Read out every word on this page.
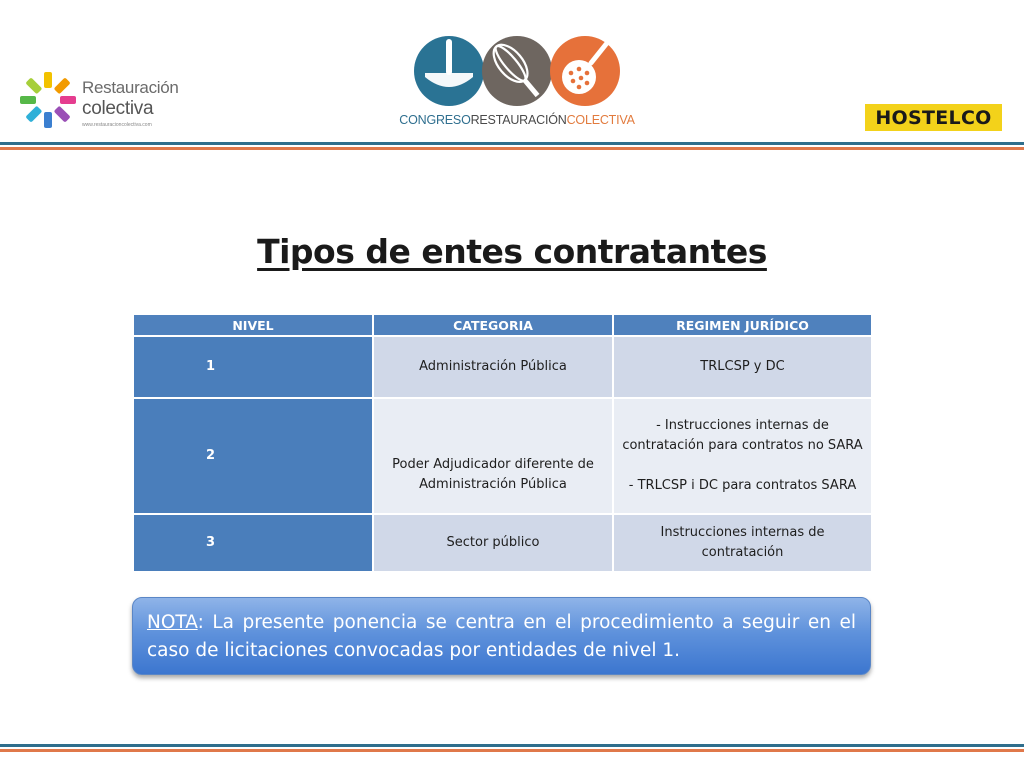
Restauración
colectiva
www.restauracioncolectiva.com	CONGRESORESTAURACIÓNCOLECTIVA	HOSTELCO
Tipos de entes contratantes
NIVEL	CATEGORIA	REGIMEN JURÍDICO
1	Administración Pública	TRLCSP y DC
2	Poder Adjudicador diferente de Administración Pública	- Instrucciones internas de contratación para contratos no SARA
- TRLCSP i DC para contratos SARA

3	Sector público	Instrucciones internas de contratación
NOTA: La presente ponencia se centra en el procedimiento a seguir en el caso de licitaciones convocadas por entidades de nivel 1.
